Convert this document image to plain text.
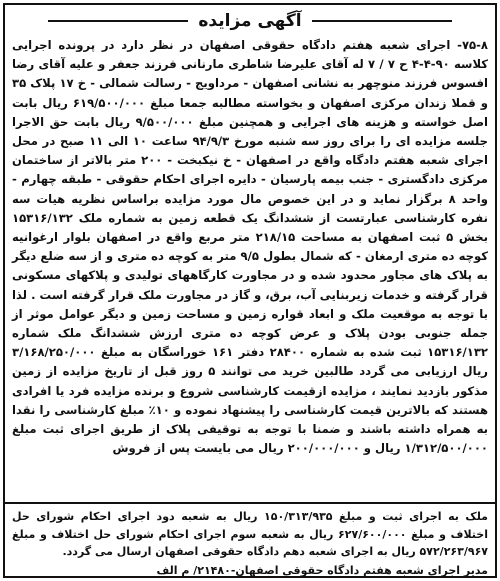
آگهی مزایده
۷۵-۸- اجرای شعبه هفتم دادگاه حقوقی اصفهان در نظر دارد در پرونده اجرایی کلاسه ۹۰-۴-۴ ح ۷ / ۷ له آقای علیرضا شاطری مارنانی فرزند جعفر و علیه آقای رضا افسوس فرزند منوچهر به نشانی اصفهان - مرداویج - رسالت شمالی - خ ۱۷ پلاک ۳۵ و قملا زندان مرکزی اصفهان و بخواسته مطالبه جمعا مبلغ ۶۱۹/۵۰۰/۰۰۰ ریال بابت اصل خواسته و هزینه های اجرایی و همچنین مبلغ ۹/۵۰۰/۰۰۰ ریال بابت حق الاجرا جلسه مزایده ای را برای روز سه شنبه مورخ ۹۴/۹/۳ ساعت ۱۰ الی ۱۱ صبح در محل اجرای شعبه هفتم دادگاه واقع در اصفهان - خ نیکبخت - ۲۰۰ متر بالاتر از ساختمان مرکزی دادگستری - جنب بیمه پارسیان - دایره اجرای احکام حقوقی - طبقه چهارم - واحد ۸ برگزار نماید و در این خصوص مال مورد مزایده براساس نظریه هیات سه نفره کارشناسی عبارتست از ششدانگ یک قطعه زمین به شماره ملک ۱۵۳۱۶/۱۳۲ بخش ۵ ثبت اصفهان به مساحت ۲۱۸/۱۵ متر مربع واقع در اصفهان بلوار ارغوانیه کوچه ده متری ارمغان - که شمال بطول ۹/۵ متر به کوچه ده متری و از سه ضلع دیگر به پلاک های مجاور محدود شده و در مجاورت کارگاههای تولیدی و پلاکهای مسکونی قرار گرفته و خدمات زیربنایی آب، برق، و گاز در مجاورت ملک قرار گرفته است . لذا با توجه به موقعیت ملک و ابعاد قواره زمین و مساحت زمین و دیگر عوامل موثر از جمله جنوبی بودن پلاک و عرض کوچه ده متری ارزش ششدانگ ملک شماره ۱۵۳۱۶/۱۳۲ ثبت شده به شماره ۲۸۴۰۰ دفتر ۱۶۱ خوراسگان به مبلغ ۳/۱۶۸/۲۵۰/۰۰۰ ریال ارزیابی می گردد طالبین خرید می توانند ۵ روز قبل از تاریخ مزایده از زمین مذکور بازدید نمایند ، مزایده ازقیمت کارشناسی شروع و برنده مزایده فرد یا افرادی هستند که بالاترین قیمت کارشناسی را پیشنهاد نموده و ۱۰٪ مبلغ کارشناسی را نقدا به همراه داشته باشند و ضمنا با توجه به توقیفی پلاک از طریق اجرای ثبت مبلغ ۱/۳۱۲/۵۰۰/۰۰۰ ریال و ۲۰۰/۰۰۰/۰۰۰ ریال می بایست پس از فروش
ملک به اجرای ثبت و مبلغ ۱۵۰/۳۱۳/۹۳۵ ریال به شعبه دود اجرای احکام شورای حل اختلاف و مبلغ ۶۲۷/۶۰۰/۰۰۰ ریال به شعبه سوم اجرای احکام شورای حل اختلاف و مبلغ ۵۷۲/۲۶۳/۹۶۷ ریال به اجرای شعبه دهم دادگاه حقوقی اصفهان ارسال می گردد.
مدیر اجرای شعبه هفتم دادگاه حقوقی اصفهان-۲۱۴۸۰/ م الف
